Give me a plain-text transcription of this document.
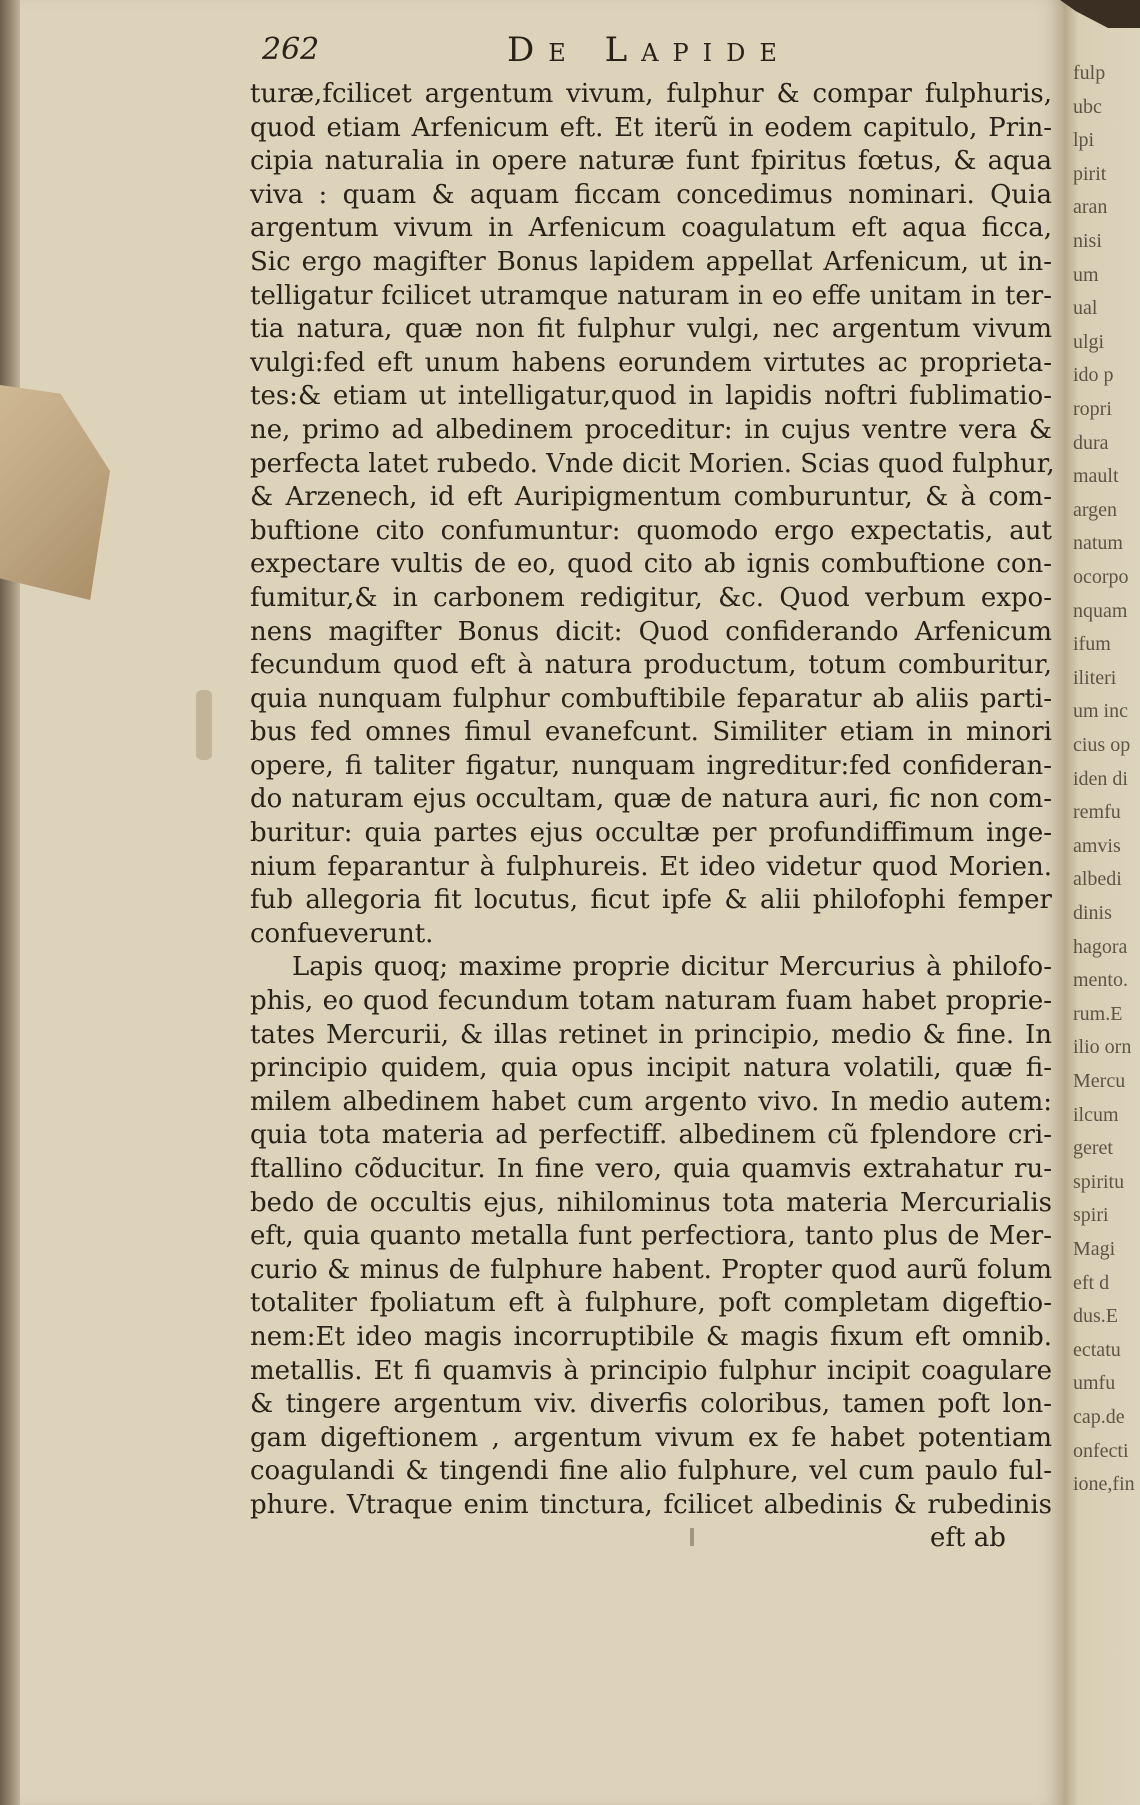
fulp
ubc
lpi
pirit
aran
nisi
um
ual
ulgi
ido p
ropri
dura
mault
argen
natum
ocorpo
nquam
ifum
iliteri
um inc
cius op
iden di
remfu
amvis
albedi
dinis
hagora
mento.
rum.E
ilio orn
Mercu
ilcum
geret
spiritu
spiri
Magi
eft d
dus.E
ectatu
umfu
cap.de
onfecti
ione,fin
262	De Lapide
turæ,fcilicet argentum vivum, fulphur & compar fulphuris,
quod etiam Arfenicum eft. Et iterũ in eodem capitulo, Prin-
cipia naturalia in opere naturæ funt fpiritus fœtus, & aqua
viva : quam & aquam ficcam concedimus nominari. Quia
argentum vivum in Arfenicum coagulatum eft aqua ficca,
Sic ergo magifter Bonus lapidem appellat Arfenicum, ut in-
telligatur fcilicet utramque naturam in eo effe unitam in ter-
tia natura, quæ non fit fulphur vulgi, nec argentum vivum
vulgi:fed eft unum habens eorundem virtutes ac proprieta-
tes:& etiam ut intelligatur,quod in lapidis noftri fublimatio-
ne, primo ad albedinem proceditur: in cujus ventre vera &
perfecta latet rubedo. Vnde dicit Morien. Scias quod fulphur,
& Arzenech, id eft Auripigmentum comburuntur, & à com-
buftione cito confumuntur: quomodo ergo expectatis, aut
expectare vultis de eo, quod cito ab ignis combuftione con-
fumitur,& in carbonem redigitur, &c. Quod verbum expo-
nens magifter Bonus dicit: Quod confiderando Arfenicum
fecundum quod eft à natura productum, totum comburitur,
quia nunquam fulphur combuftibile feparatur ab aliis parti-
bus fed omnes fimul evanefcunt. Similiter etiam in minori
opere, fi taliter figatur, nunquam ingreditur:fed confideran-
do naturam ejus occultam, quæ de natura auri, fic non com-
buritur: quia partes ejus occultæ per profundiffimum inge-
nium feparantur à fulphureis. Et ideo videtur quod Morien.
fub allegoria fit locutus, ficut ipfe & alii philofophi femper
confueverunt.
Lapis quoq; maxime proprie dicitur Mercurius à philofo-
phis, eo quod fecundum totam naturam fuam habet proprie-
tates Mercurii, & illas retinet in principio, medio & fine. In
principio quidem, quia opus incipit natura volatili, quæ fi-
milem albedinem habet cum argento vivo. In medio autem:
quia tota materia ad perfectiff. albedinem cũ fplendore cri-
ftallino cõducitur. In fine vero, quia quamvis extrahatur ru-
bedo de occultis ejus, nihilominus tota materia Mercurialis
eft, quia quanto metalla funt perfectiora, tanto plus de Mer-
curio & minus de fulphure habent. Propter quod aurũ folum
totaliter fpoliatum eft à fulphure, poft completam digeftio-
nem:Et ideo magis incorruptibile & magis fixum eft omnib.
metallis. Et fi quamvis à principio fulphur incipit coagulare
& tingere argentum viv. diverfis coloribus, tamen poft lon-
gam digeftionem , argentum vivum ex fe habet potentiam
coagulandi & tingendi fine alio fulphure, vel cum paulo ful-
phure. Vtraque enim tinctura, fcilicet albedinis & rubedinis
eft ab
